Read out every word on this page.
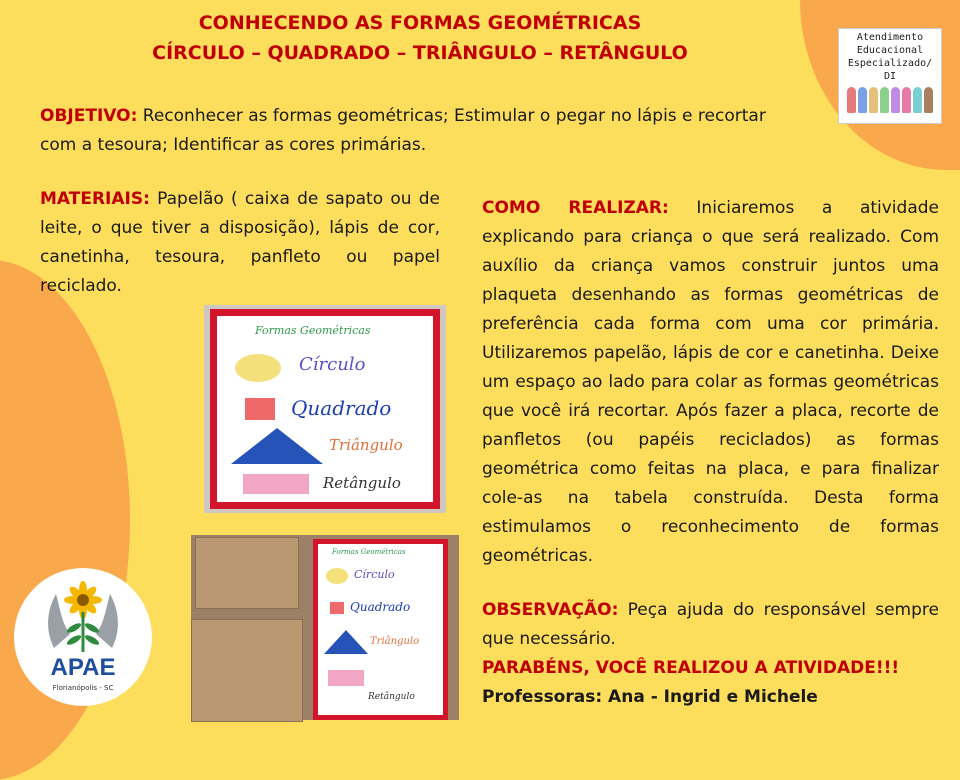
CONHECENDO AS FORMAS GEOMÉTRICAS
CÍRCULO – QUADRADO – TRIÂNGULO – RETÂNGULO
Atendimento
Educacional
Especializado/ DI
OBJETIVO: Reconhecer as formas geométricas; Estimular o pegar no lápis e recortar com a tesoura; Identificar as cores primárias.
MATERIAIS: Papelão ( caixa de sapato ou de leite, o que tiver a disposição), lápis de cor, canetinha, tesoura, panfleto ou papel reciclado.
COMO REALIZAR: Iniciaremos a atividade explicando para criança o que será realizado. Com auxílio da criança vamos construir juntos uma plaqueta desenhando as formas geométricas de preferência cada forma com uma cor primária. Utilizaremos papelão, lápis de cor e canetinha. Deixe um espaço ao lado para colar as formas geométricas que você irá recortar. Após fazer a placa, recorte de panfletos (ou papéis reciclados) as formas geométrica como feitas na placa, e para finalizar cole-as na tabela construída. Desta forma estimulamos o reconhecimento de formas geométricas.
OBSERVAÇÃO: Peça ajuda do responsável sempre que necessário.
PARABÉNS, VOCÊ REALIZOU A ATIVIDADE!!!
Professoras: Ana - Ingrid e Michele
Formas Geométricas
Círculo
Quadrado
Triângulo
Retângulo
Formas Geométricas
Círculo
Quadrado
Triângulo
Retângulo
APAE
Florianópolis - SC
